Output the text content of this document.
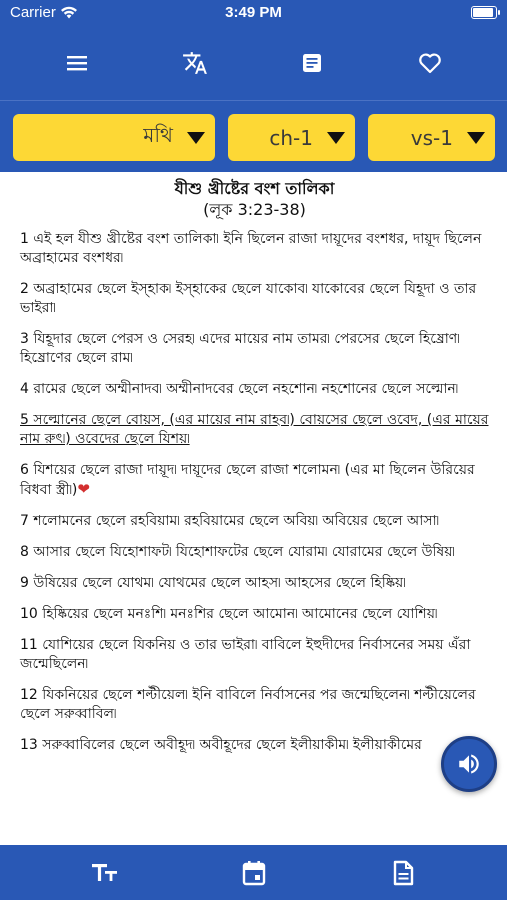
Carrier	3:49 PM
মথি	ch-1	vs-1
যীশু খ্রীষ্টের বংশ তালিকা
(লূক 3:23-38)

1 এই হল যীশু খ্রীষ্টের বংশ তালিকা৷ ইনি ছিলেন রাজা দায়ূদের বংশধর, দায়ূদ ছিলেন অব্রাহামের বংশধর৷

2 অব্রাহামের ছেলে ইস্হাক৷ ইস্হাকের ছেলে যাকোব৷ যাকোবের ছেলে যিহূদা ও তার ভাইরা৷

3 যিহূদার ছেলে পেরস ও সেরহ৷ এদের মায়ের নাম তামর৷ পেরসের ছেলে হিষ্রোণ৷ হিষ্রোণের ছেলে রাম৷

4 রামের ছেলে অম্মীনাদব৷ অম্মীনাদবের ছেলে নহশোন৷ নহশোনের ছেলে সল্মোন৷

5 সল্মোনের ছেলে বোয়স, (এর মায়ের নাম রাহব৷) বোয়সের ছেলে ওবেদ, (এর মায়ের নাম রুৎ৷) ওবেদের ছেলে যিশয়৷

6 যিশয়ের ছেলে রাজা দায়ূদ৷ দায়ূদের ছেলে রাজা শলোমন৷ (এর মা ছিলেন উরিয়ের বিধবা স্ত্রী৷)❤

7 শলোমনের ছেলে রহবিয়াম৷ রহবিয়ামের ছেলে অবিয়৷ অবিয়ের ছেলে আসা৷

8 আসার ছেলে যিহোশাফট৷ যিহোশাফটের ছেলে যোরাম৷ যোরামের ছেলে উষিয়৷

9 উষিয়ের ছেলে যোথম৷ যোথমের ছেলে আহস৷ আহসের ছেলে হিষ্কিয়৷

10 হিষ্কিয়ের ছেলে মনঃশি৷ মনঃশির ছেলে আমোন৷ আমোনের ছেলে যোশিয়৷

11 যোশিয়ের ছেলে যিকনিয় ও তার ভাইরা৷ বাবিলে ইহুদীদের নির্বাসনের সময় এঁরা জন্মেছিলেন৷

12 যিকনিয়ের ছেলে শল্টীয়েল৷ ইনি বাবিলে নির্বাসনের পর জন্মেছিলেন৷ শল্টীয়েলের ছেলে সরুব্বাবিল৷

13 সরুব্বাবিলের ছেলে অবীহূদ৷ অবীহূদের ছেলে ইলীয়াকীম৷ ইলীয়াকীমের
